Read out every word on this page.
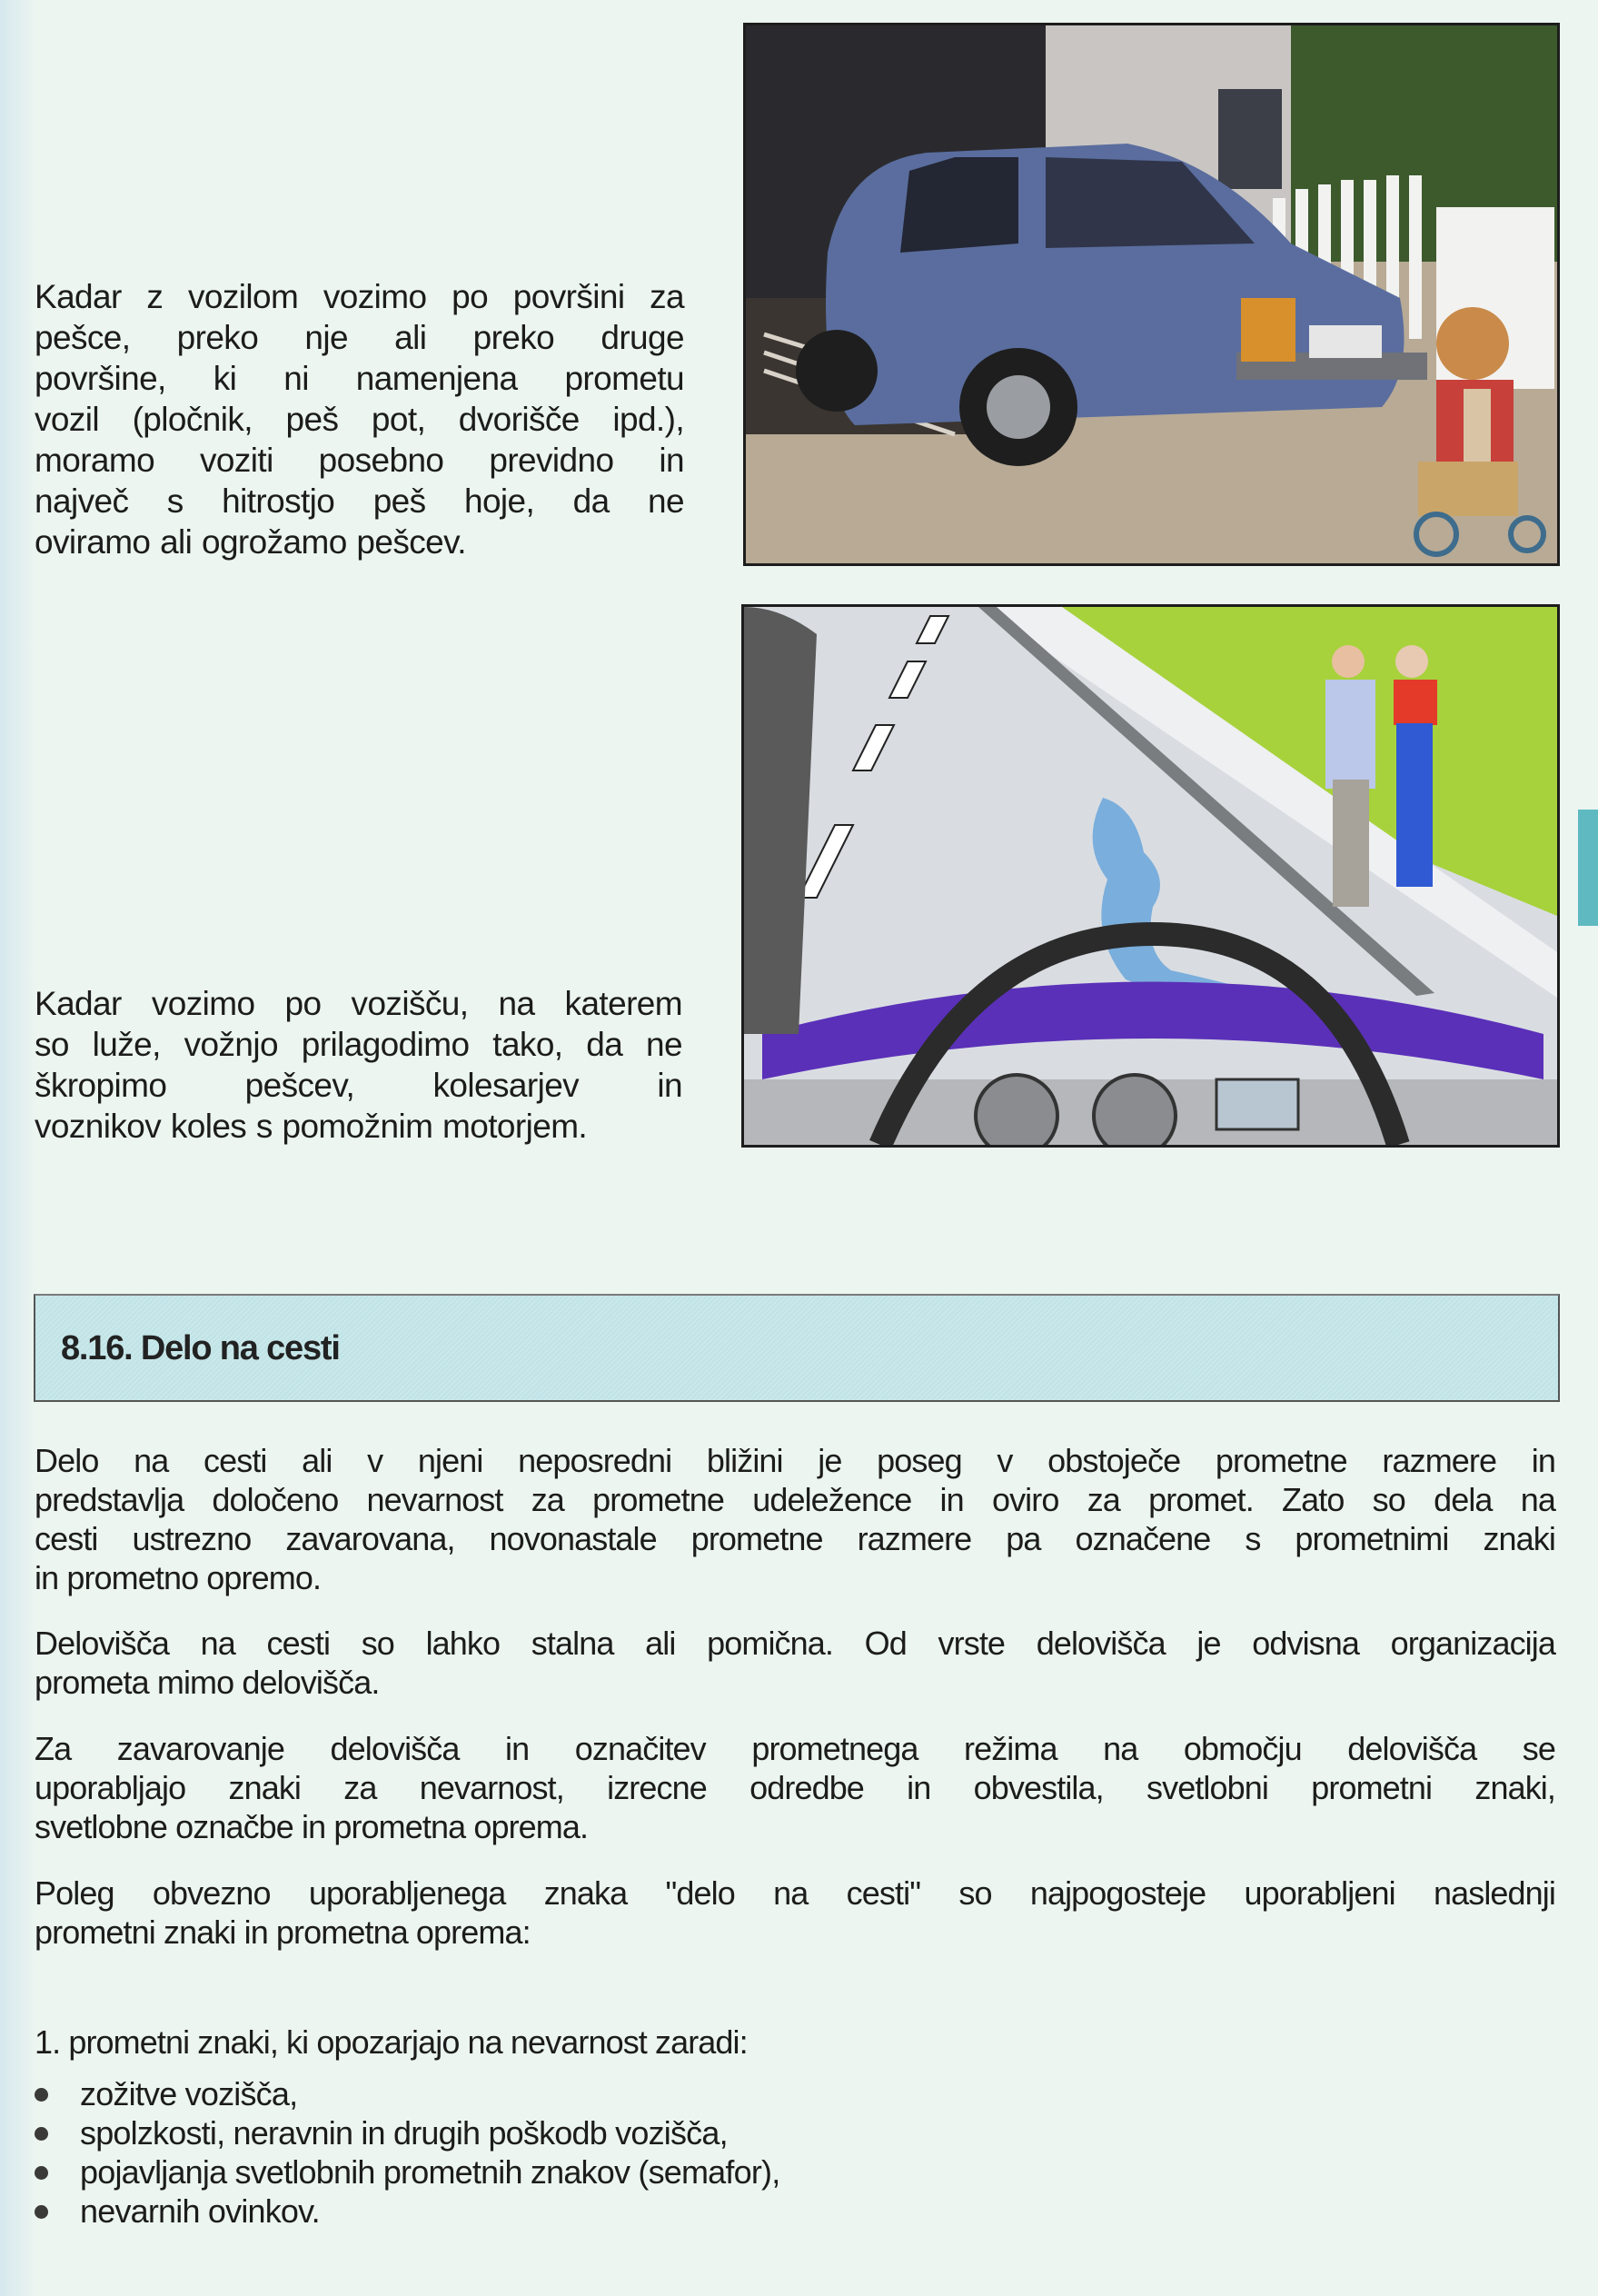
Kadar z vozilom vozimo po površini za
pešce, preko nje ali preko druge
površine, ki ni namenjena prometu
vozil (pločnik, peš pot, dvorišče ipd.),
moramo voziti posebno previdno in
največ s hitrostjo peš hoje, da ne
oviramo ali ogrožamo pešcev.
Kadar vozimo po vozišču, na katerem
so luže, vožnjo prilagodimo tako, da ne
škropimo pešcev, kolesarjev in
voznikov koles s pomožnim motorjem.
8.16. Delo na cesti
Delo na cesti ali v njeni neposredni bližini je poseg v obstoječe prometne razmere in
predstavlja določeno nevarnost za prometne udeležence in oviro za promet. Zato so dela na
cesti ustrezno zavarovana, novonastale prometne razmere pa označene s prometnimi znaki
in prometno opremo.
Delovišča na cesti so lahko stalna ali pomična. Od vrste delovišča je odvisna organizacija
prometa mimo delovišča.
Za zavarovanje delovišča in označitev prometnega režima na območju delovišča se
uporabljajo znaki za nevarnost, izrecne odredbe in obvestila, svetlobni prometni znaki,
svetlobne označbe in prometna oprema.
Poleg obvezno uporabljenega znaka "delo na cesti" so najpogosteje uporabljeni naslednji
prometni znaki in prometna oprema:
1. prometni znaki, ki opozarjajo na nevarnost zaradi:
zožitve vozišča,
spolzkosti, neravnin in drugih poškodb vozišča,
pojavljanja svetlobnih prometnih znakov (semafor),
nevarnih ovinkov.
